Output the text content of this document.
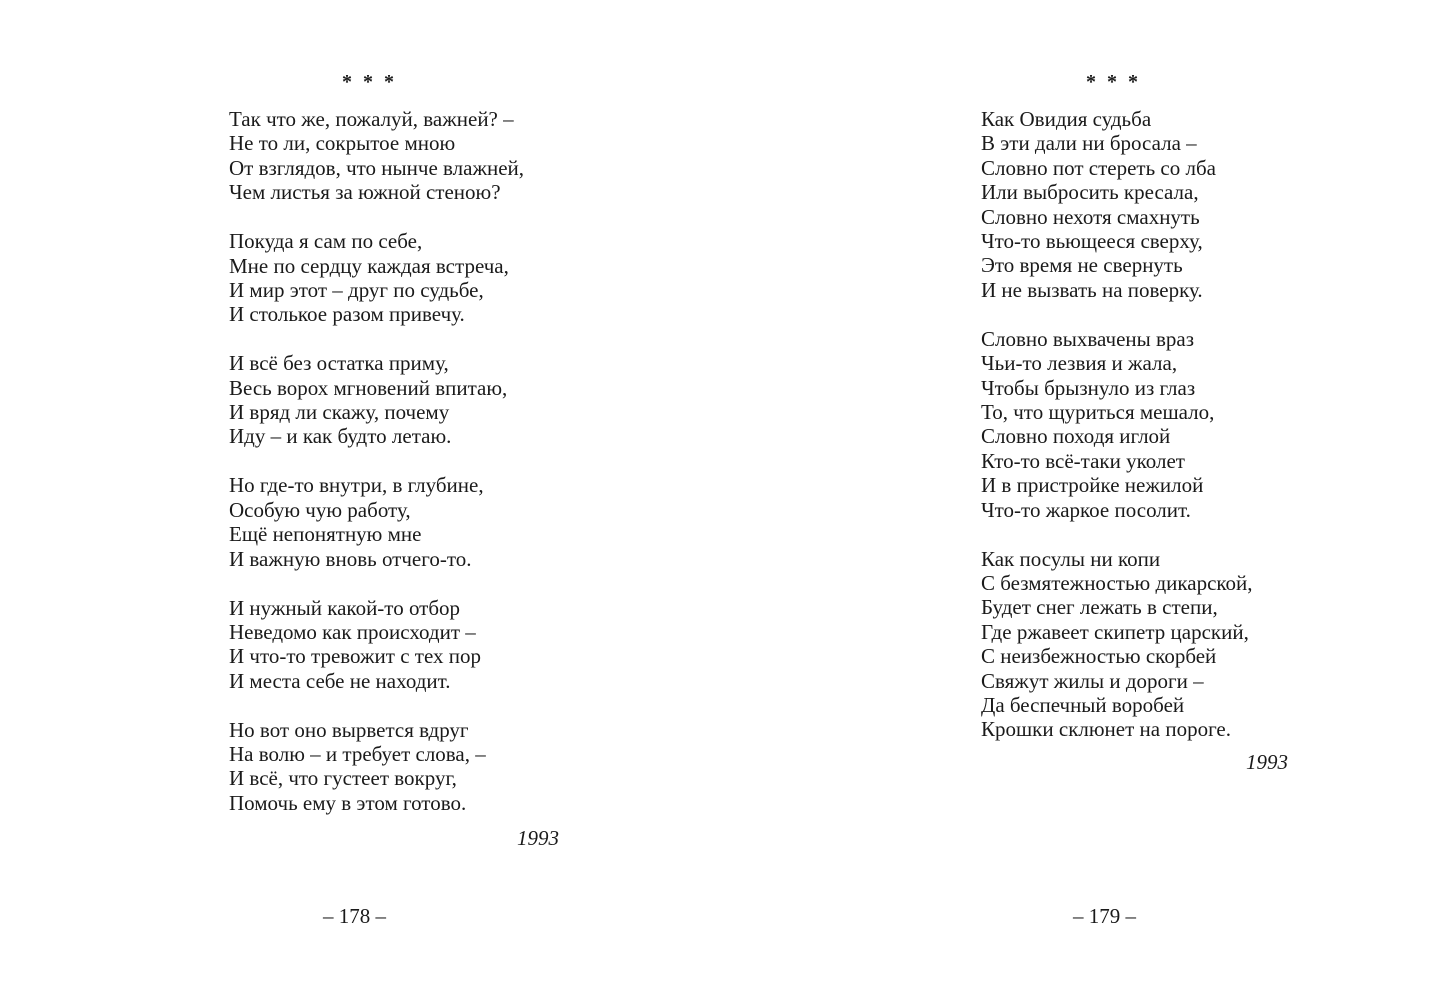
* * *
Так что же, пожалуй, важней? –
Не то ли, сокрытое мною
От взглядов, что нынче влажней,
Чем листья за южной стеною?
Покуда я сам по себе,
Мне по сердцу каждая встреча,
И мир этот – друг по судьбе,
И столькое разом привечу.
И всё без остатка приму,
Весь ворох мгновений впитаю,
И вряд ли скажу, почему
Иду – и как будто летаю.
Но где-то внутри, в глубине,
Особую чую работу,
Ещё непонятную мне
И важную вновь отчего-то.
И нужный какой-то отбор
Неведомо как происходит –
И что-то тревожит с тех пор
И места себе не находит.
Но вот оно вырвется вдруг
На волю – и требует слова, –
И всё, что густеет вокруг,
Помочь ему в этом готово.
1993
– 178 –
* * *
Как Овидия судьба
В эти дали ни бросала –
Словно пот стереть со лба
Или выбросить кресала,
Словно нехотя смахнуть
Что-то вьющееся сверху,
Это время не свернуть
И не вызвать на поверку.
Словно выхвачены враз
Чьи-то лезвия и жала,
Чтобы брызнуло из глаз
То, что щуриться мешало,
Словно походя иглой
Кто-то всё-таки уколет
И в пристройке нежилой
Что-то жаркое посолит.
Как посулы ни копи
С безмятежностью дикарской,
Будет снег лежать в степи,
Где ржавеет скипетр царский,
С неизбежностью скорбей
Свяжут жилы и дороги –
Да беспечный воробей
Крошки склюнет на пороге.
1993
– 179 –
